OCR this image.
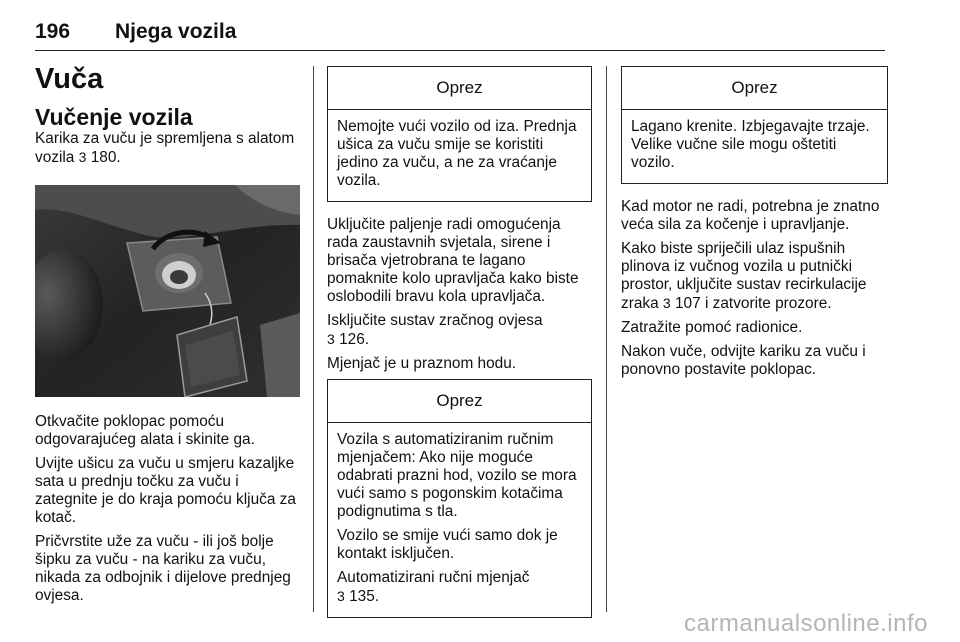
196 Njega vozila
Vuča
Vučenje vozila

Karika za vuču je spremljena s alatom vozila 3 180.

Otkvačite poklopac pomoću odgovarajućeg alata i skinite ga.

Uvijte ušicu za vuču u smjeru kazaljke sata u prednju točku za vuču i zategnite je do kraja pomoću ključa za kotač.

Pričvrstite uže za vuču - ili još bolje šipku za vuču - na kariku za vuču, nikada za odbojnik i dijelove prednjeg ovjesa.

Oprez

Nemojte vući vozilo od iza. Prednja ušica za vuču smije se koristiti jedino za vuču, a ne za vraćanje vozila.

Uključite paljenje radi omogućenja rada zaustavnih svjetala, sirene i brisača vjetrobrana te lagano pomaknite kolo upravljača kako biste oslobodili bravu kola upravljača.

Isključite sustav zračnog ovjesa
3 126.

Mjenjač je u praznom hodu.

Oprez

Vozila s automatiziranim ručnim mjenjačem: Ako nije moguće odabrati prazni hod, vozilo se mora vući samo s pogonskim kotačima podignutima s tla.

Vozilo se smije vući samo dok je kontakt isključen.

Automatizirani ručni mjenjač
3 135.

Oprez

Lagano krenite. Izbjegavajte trzaje. Velike vučne sile mogu oštetiti vozilo.

Kad motor ne radi, potrebna je znatno veća sila za kočenje i upravljanje.

Kako biste spriječili ulaz ispušnih plinova iz vučnog vozila u putnički prostor, uključite sustav recirkulacije zraka 3 107 i zatvorite prozore.

Zatražite pomoć radionice.

Nakon vuče, odvijte kariku za vuču i ponovno postavite poklopac.

carmanualsonline.info
